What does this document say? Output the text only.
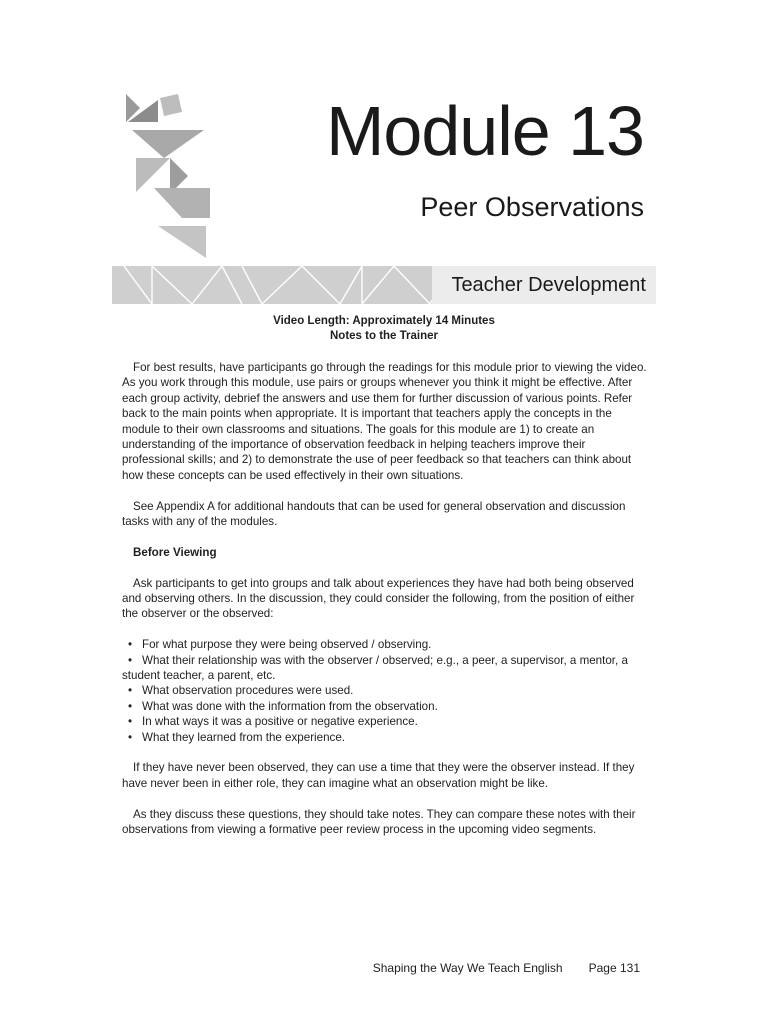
Module 13
Peer Observations
Teacher Development
Video Length: Approximately 14 Minutes
Notes to the Trainer

For best results, have participants go through the readings for this module prior to viewing the video. As you work through this module, use pairs or groups whenever you think it might be effective. After each group activity, debrief the answers and use them for further discussion of various points. Refer back to the main points when appropriate. It is important that teachers apply the concepts in the module to their own classrooms and situations. The goals for this module are 1) to create an understanding of the importance of observation feedback in helping teachers improve their professional skills; and 2) to demonstrate the use of peer feedback so that teachers can think about how these concepts can be used effectively in their own situations.

See Appendix A for additional handouts that can be used for general observation and discussion tasks with any of the modules.

Before Viewing

Ask participants to get into groups and talk about experiences they have had both being observed and observing others. In the discussion, they could consider the following, from the position of either the observer or the observed:

• For what purpose they were being observed / observing.
• What their relationship was with the observer / observed; e.g., a peer, a supervisor, a mentor, a student teacher, a parent, etc.
• What observation procedures were used.
• What was done with the information from the observation.
• In what ways it was a positive or negative experience.
• What they learned from the experience.

If they have never been observed, they can use a time that they were the observer instead. If they have never been in either role, they can imagine what an observation might be like.

As they discuss these questions, they should take notes. They can compare these notes with their observations from viewing a formative peer review process in the upcoming video segments.

Shaping the Way We Teach English Page 131
